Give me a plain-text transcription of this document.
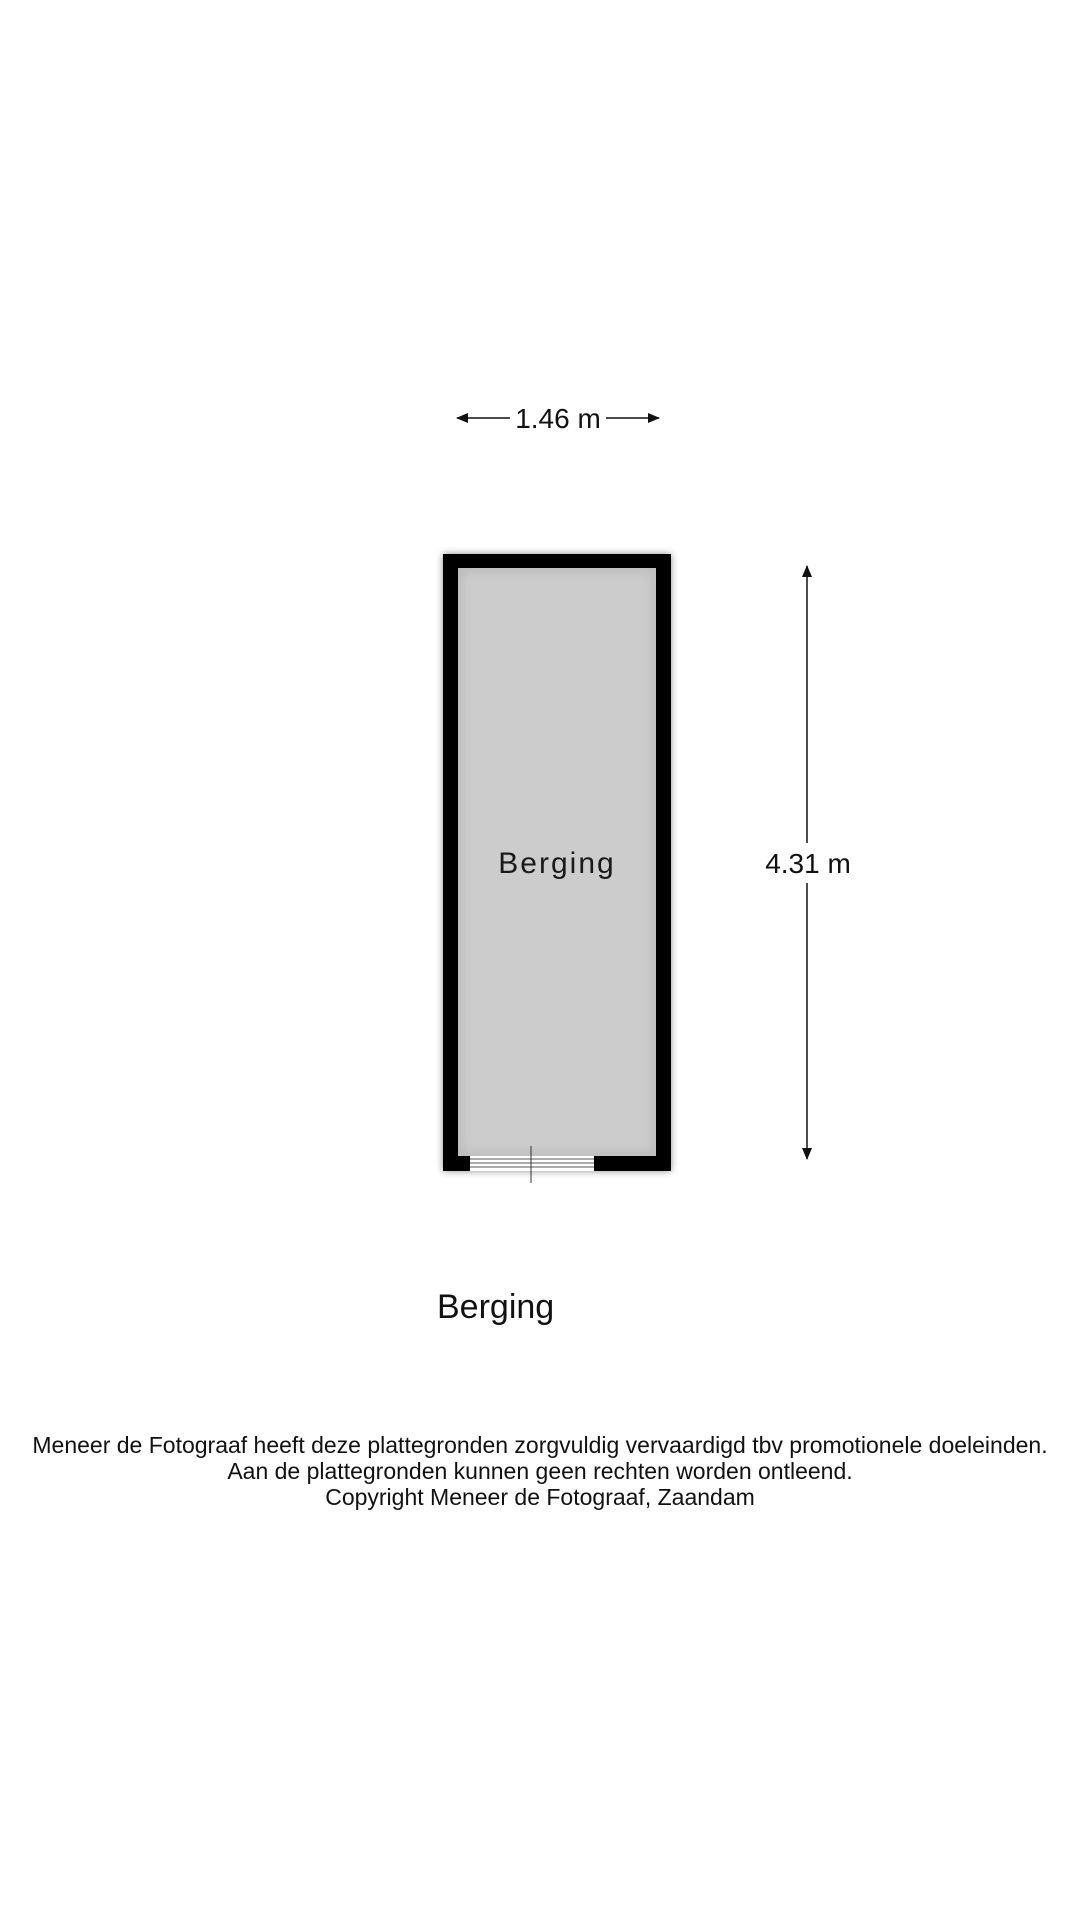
1.46 m
Berging	4.31 m
Berging
Meneer de Fotograaf heeft deze plattegronden zorgvuldig vervaardigd tbv promotionele doeleinden.
Aan de plattegronden kunnen geen rechten worden ontleend.
Copyright Meneer de Fotograaf, Zaandam
